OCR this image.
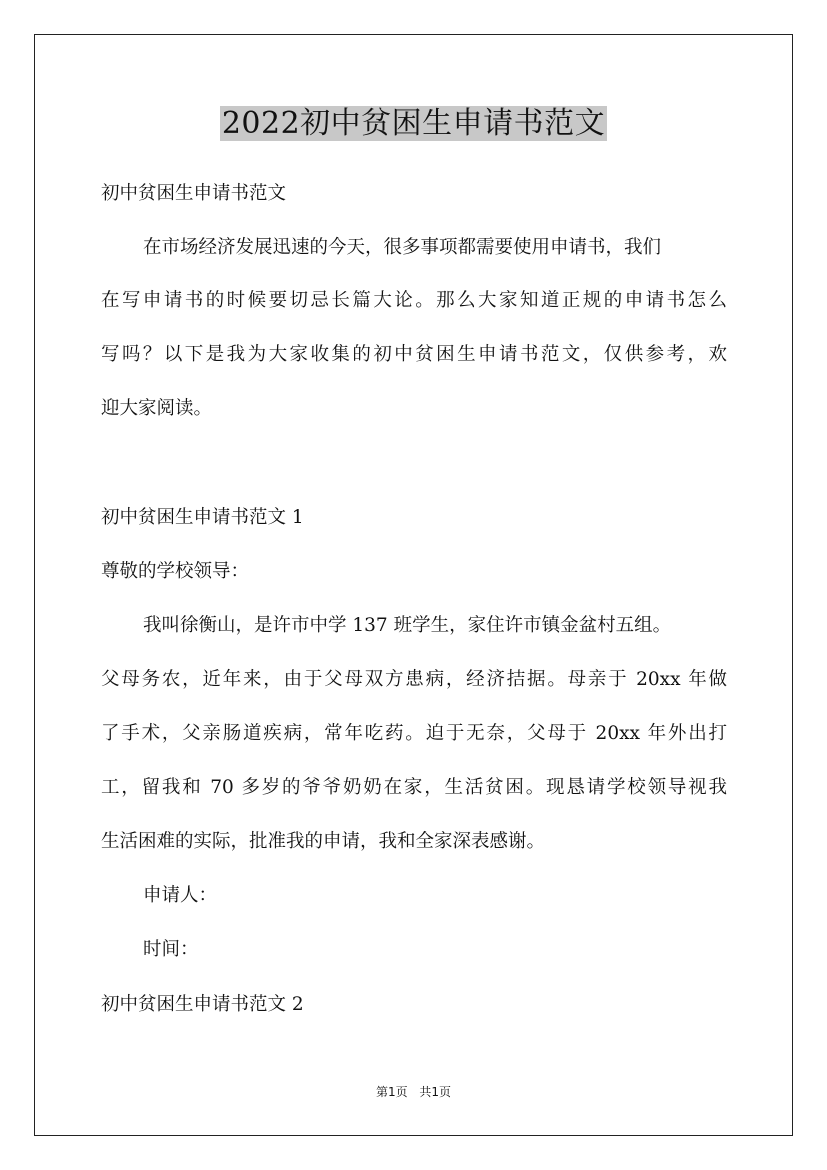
2022初中贫困生申请书范文
初中贫困生申请书范文
在市场经济发展迅速的今天，很多事项都需要使用申请书，我们
在写申请书的时候要切忌长篇大论。那么大家知道正规的申请书怎么
写吗？以下是我为大家收集的初中贫困生申请书范文，仅供参考，欢
迎大家阅读。
初中贫困生申请书范文 1
尊敬的学校领导：
我叫徐衡山，是许市中学 137 班学生，家住许市镇金盆村五组。
父母务农，近年来，由于父母双方患病，经济拮据。母亲于 20xx 年做
了手术，父亲肠道疾病，常年吃药。迫于无奈，父母于 20xx 年外出打
工，留我和 70 多岁的爷爷奶奶在家，生活贫困。现恳请学校领导视我
生活困难的实际，批准我的申请，我和全家深表感谢。
申请人：
时间：
初中贫困生申请书范文 2
第1页 共1页
